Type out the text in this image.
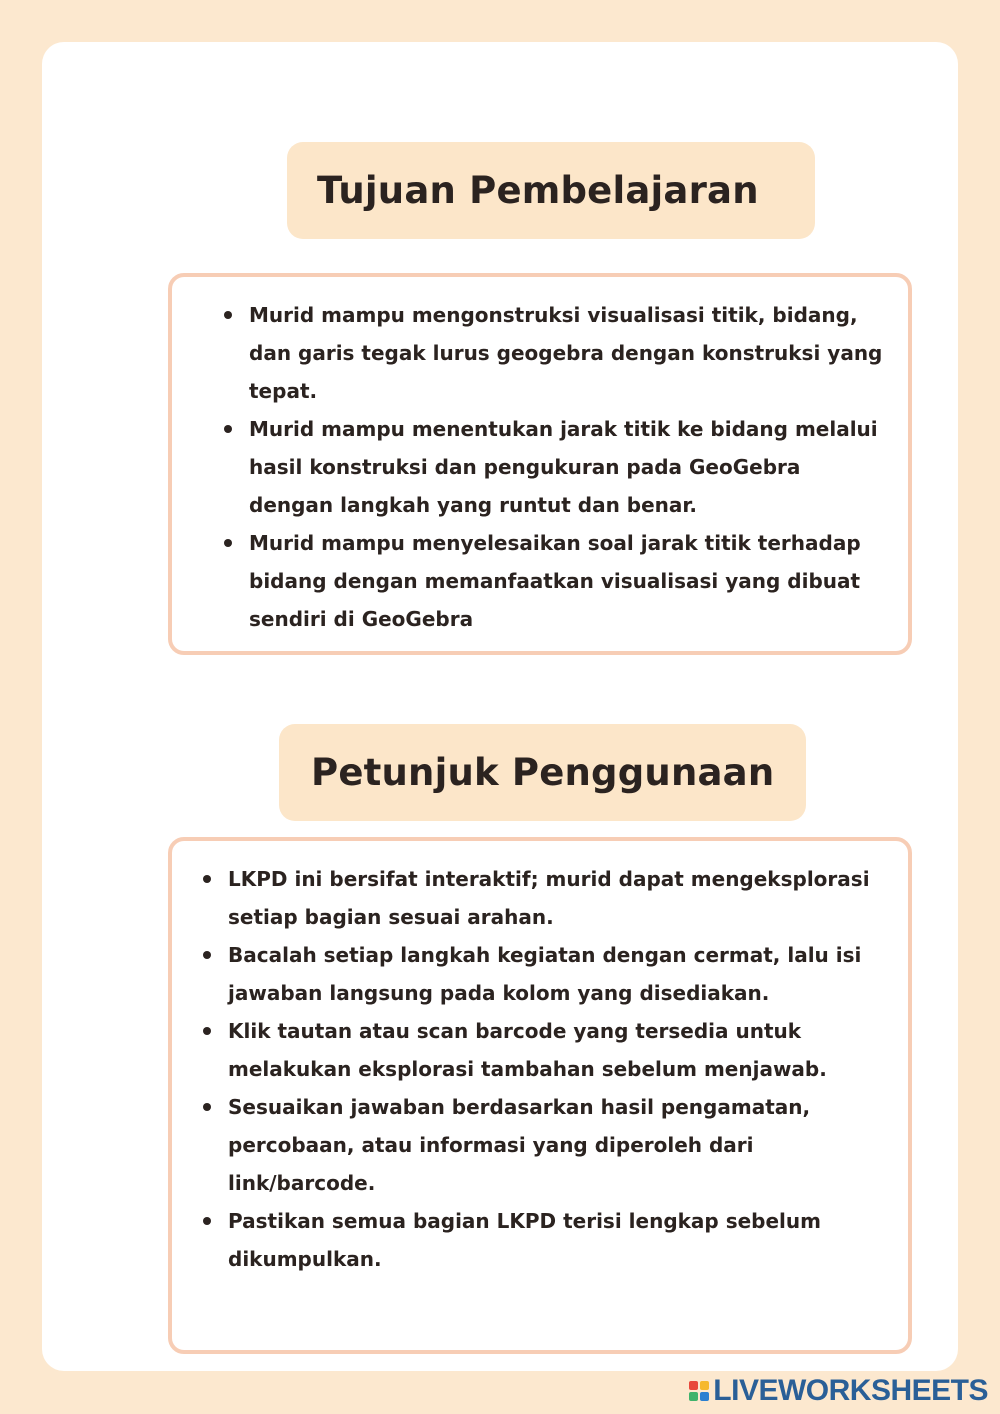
Tujuan Pembelajaran
Murid mampu mengonstruksi visualisasi titik, bidang, dan garis tegak lurus geogebra dengan konstruksi yang tepat.
Murid mampu menentukan jarak titik ke bidang melalui hasil konstruksi dan pengukuran pada GeoGebra dengan langkah yang runtut dan benar.
Murid mampu menyelesaikan soal jarak titik terhadap bidang dengan memanfaatkan visualisasi yang dibuat sendiri di GeoGebra
Petunjuk Penggunaan
LKPD ini bersifat interaktif; murid dapat mengeksplorasi setiap bagian sesuai arahan.
Bacalah setiap langkah kegiatan dengan cermat, lalu isi jawaban langsung pada kolom yang disediakan.
Klik tautan atau scan barcode yang tersedia untuk melakukan eksplorasi tambahan sebelum menjawab.
Sesuaikan jawaban berdasarkan hasil pengamatan, percobaan, atau informasi yang diperoleh dari link/barcode.
Pastikan semua bagian LKPD terisi lengkap sebelum dikumpulkan.
LIVEWORKSHEETS
